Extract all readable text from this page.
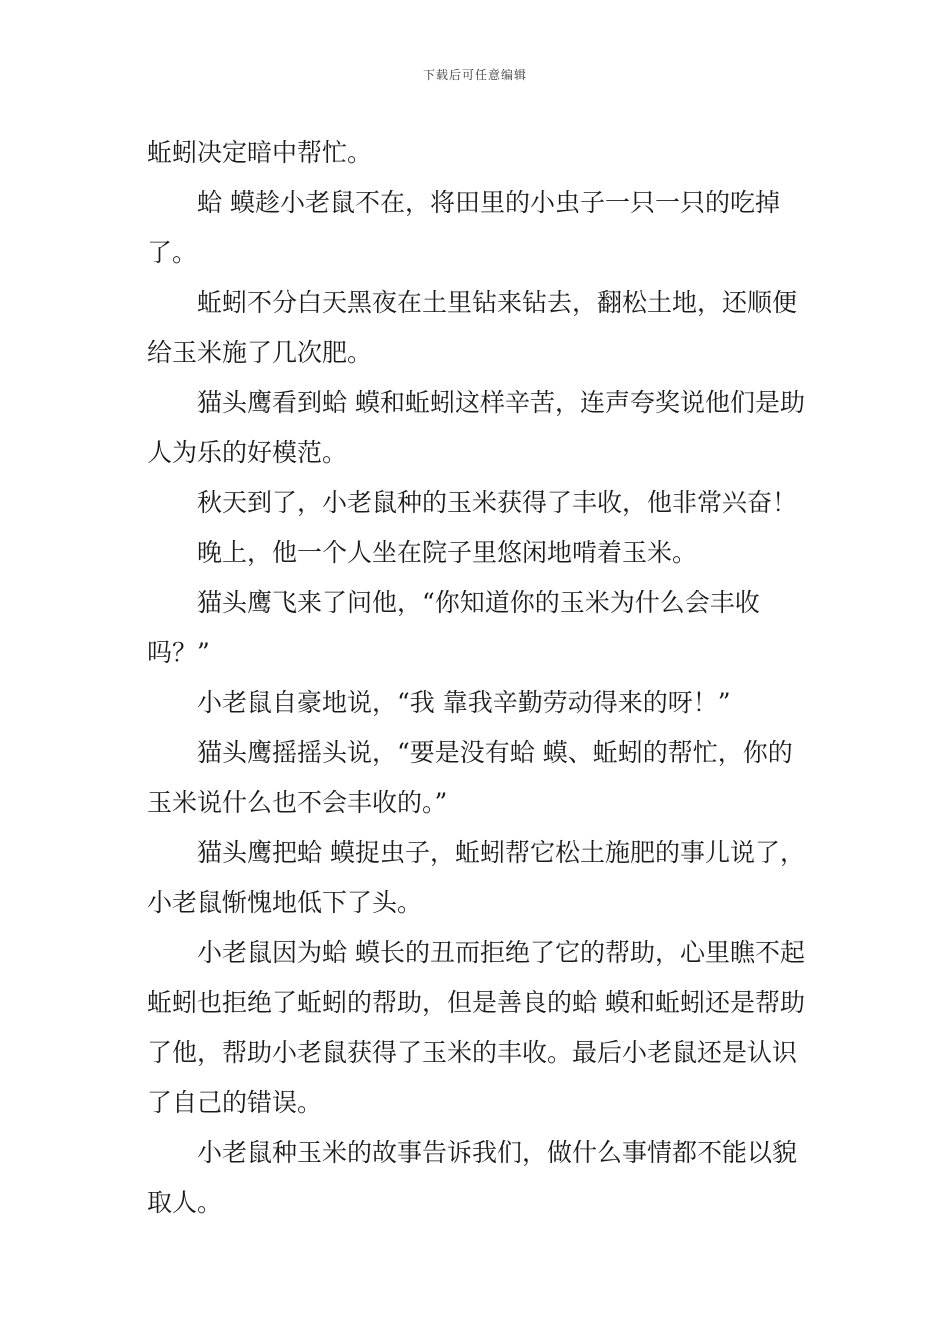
下载后可任意编辑

蚯蚓决定暗中帮忙。

蛤 蟆趁小老鼠不在，将田里的小虫子一只一只的吃掉了。

蚯蚓不分白天黑夜在土里钻来钻去，翻松土地，还顺便给玉米施了几次肥。

猫头鹰看到蛤 蟆和蚯蚓这样辛苦，连声夸奖说他们是助人为乐的好模范。

秋天到了，小老鼠种的玉米获得了丰收，他非常兴奋！

晚上，他一个人坐在院子里悠闲地啃着玉米。

猫头鹰飞来了问他，“你知道你的玉米为什么会丰收吗？”

小老鼠自豪地说，“我 靠我辛勤劳动得来的呀！”

猫头鹰摇摇头说，“要是没有蛤 蟆、蚯蚓的帮忙，你的玉米说什么也不会丰收的。”

猫头鹰把蛤 蟆捉虫子，蚯蚓帮它松土施肥的事儿说了，小老鼠惭愧地低下了头。

小老鼠因为蛤 蟆长的丑而拒绝了它的帮助，心里瞧不起蚯蚓也拒绝了蚯蚓的帮助，但是善良的蛤 蟆和蚯蚓还是帮助了他，帮助小老鼠获得了玉米的丰收。最后小老鼠还是认识了自己的错误。

小老鼠种玉米的故事告诉我们，做什么事情都不能以貌取人。
